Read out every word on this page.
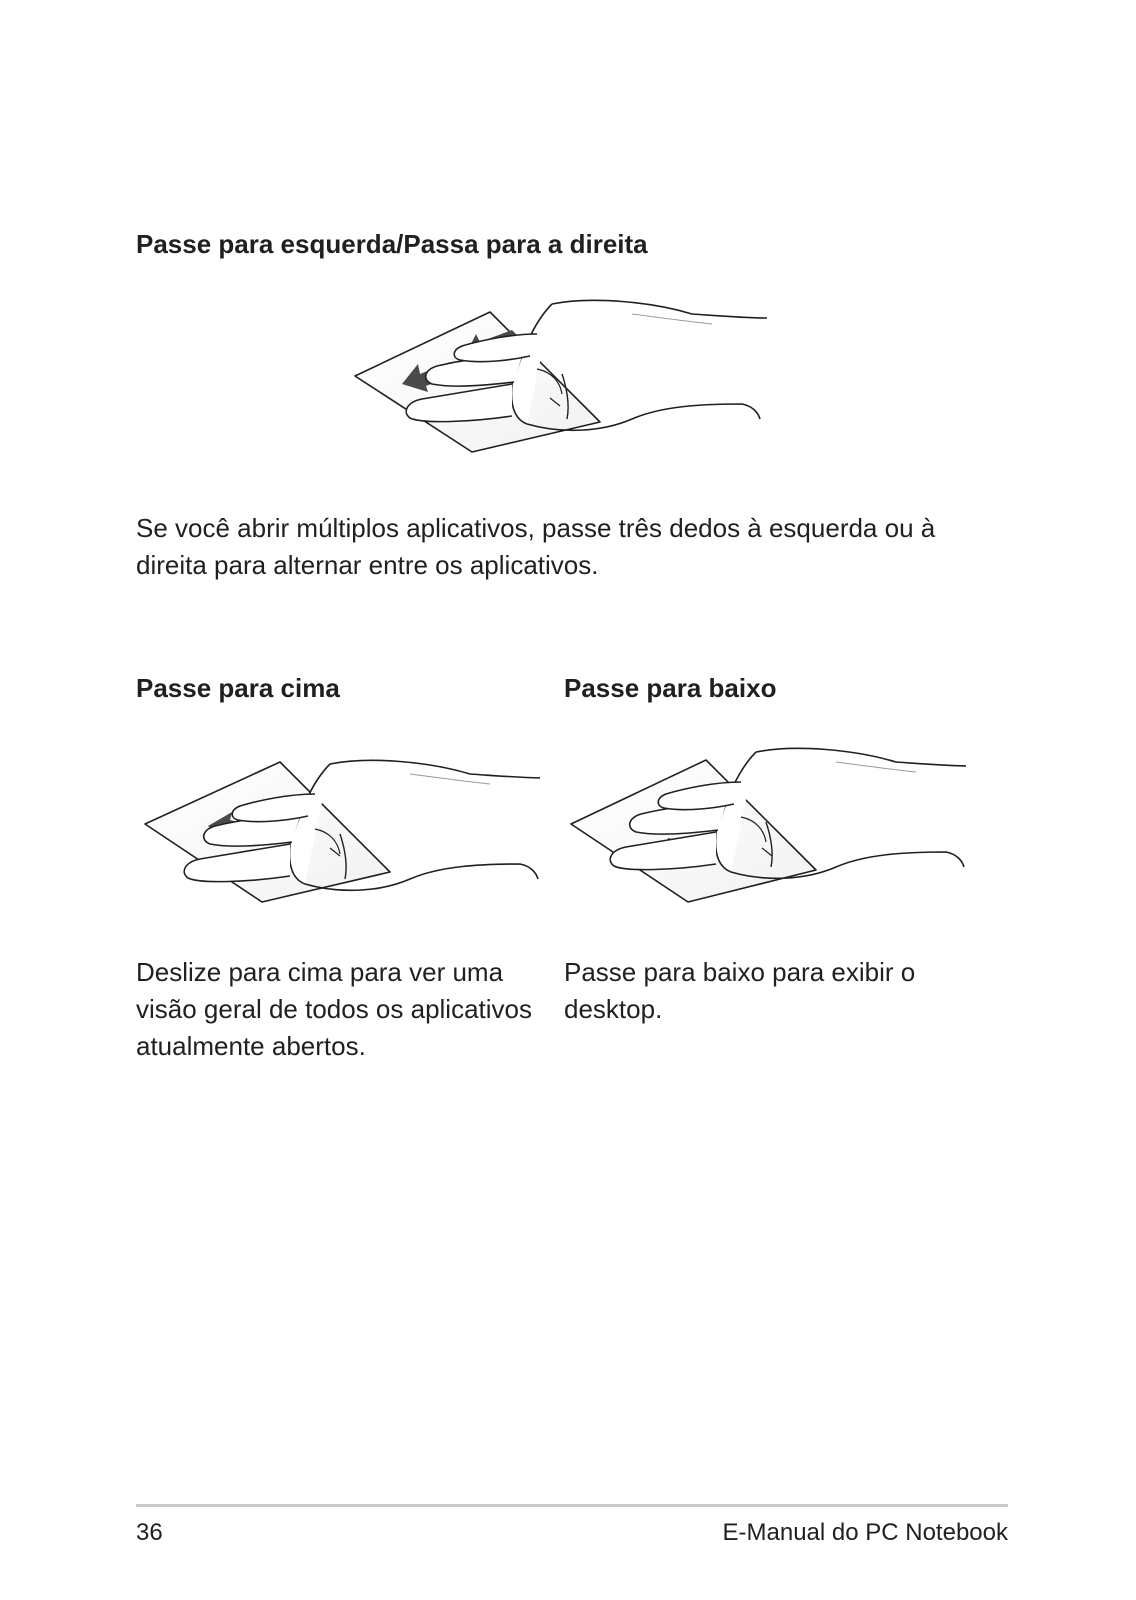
Passe para esquerda/Passa para a direita

Se você abrir múltiplos aplicativos, passe três dedos à esquerda ou à direita para alternar entre os aplicativos.

Passe para cima	Passe para baixo

Deslize para cima para ver uma visão geral de todos os aplicativos atualmente abertos.

Passe para baixo para exibir o desktop.

36	E-Manual do PC Notebook
